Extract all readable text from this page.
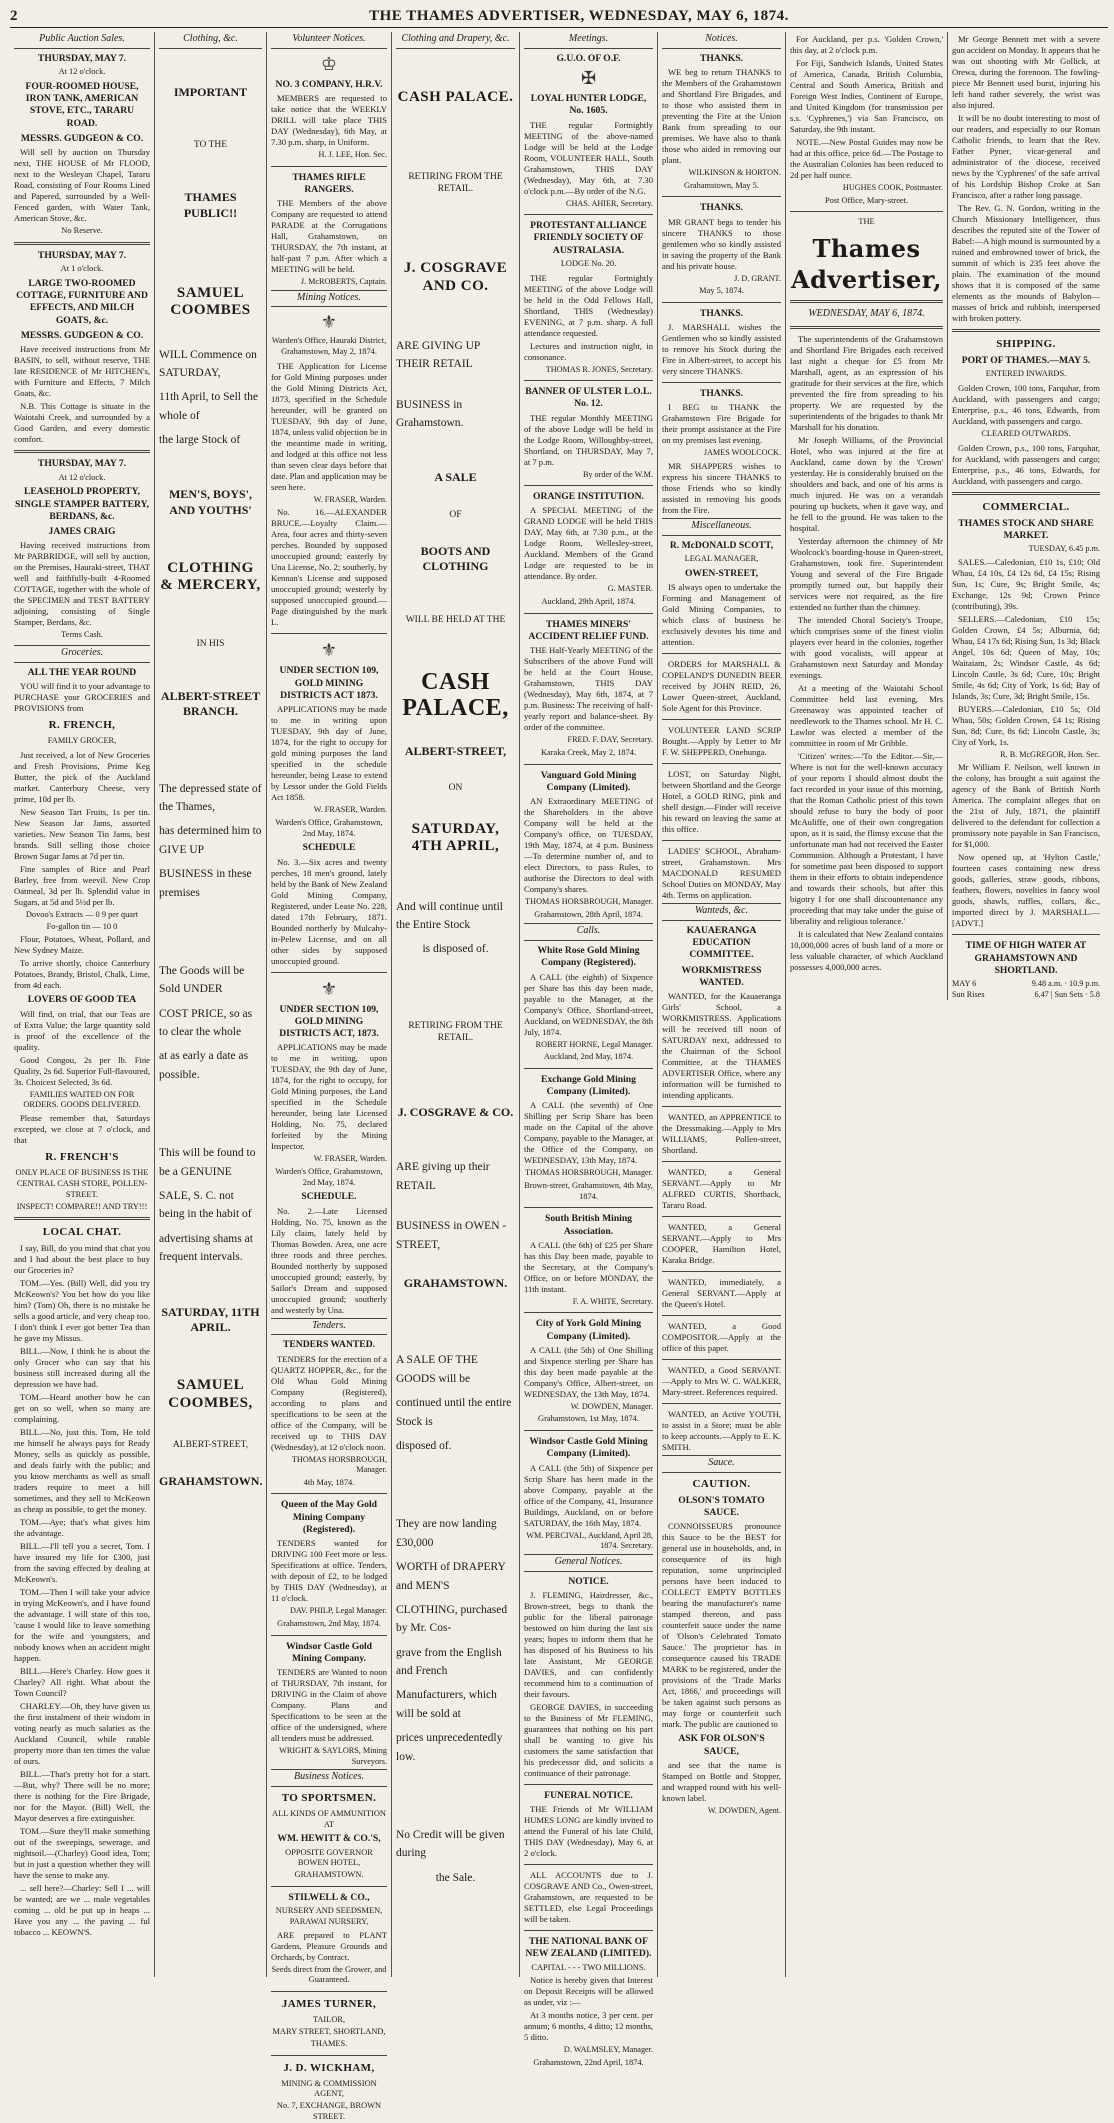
2	THE THAMES ADVERTISER, WEDNESDAY, MAY 6, 1874.
Public Auction Sales.
THURSDAY, MAY 7.
At 12 o'clock.
FOUR-ROOMED HOUSE, IRON TANK, AMERICAN STOVE, ETC., TARARU ROAD.
MESSRS. GUDGEON & CO.
Will sell by auction on Thursday next, THE HOUSE of Mr FLOOD, next to the Wesleyan Chapel, Tararu Road, consisting of Four Rooms Lined and Papered, surrounded by a Well-Fenced garden, with Water Tank, American Stove, &c.
No Reserve.
THURSDAY, MAY 7.
At 1 o'clock.
LARGE TWO-ROOMED COTTAGE, FURNITURE AND EFFECTS, AND MILCH GOATS, &c.
MESSRS. GUDGEON & CO.
Have received instructions from Mr BASIN, to sell, without reserve, THE late RESIDENCE of Mr HITCHEN's, with Furniture and Effects, 7 Milch Goats, &c.
N.B. This Cottage is situate in the Waiotahi Creek, and surrounded by a Good Garden, and every domestic comfort.
THURSDAY, MAY 7.
At 12 o'clock.
LEASEHOLD PROPERTY, SINGLE STAMPER BATTERY, BERDANS, &c.
JAMES CRAIG
Having received instructions from Mr PARBRIDGE, will sell by auction, on the Premises, Hauraki-street, THAT well and faithfully-built 4-Roomed COTTAGE, together with the whole of the SPECIMEN and TEST BATTERY adjoining, consisting of Single Stamper, Berdans, &c.
Terms Cash.
Groceries.
ALL THE YEAR ROUND
YOU will find it to your advantage to PURCHASE your GROCERIES and PROVISIONS from
R. FRENCH,
FAMILY GROCER,
Just received, a lot of New Groceries and Fresh Provisions, Prime Keg Butter, the pick of the Auckland market. Canterbury Cheese, very prime, 10d per lb.
New Season Tart Fruits, 1s per tin. New Season Jar Jams, assorted varieties. New Season Tin Jams, best brands. Still selling those choice Brown Sugar Jams at 7d per tin.
Fine samples of Rice and Pearl Barley, free from weevil. New Crop Oatmeal, 3d per lb. Splendid value in Sugars, at 5d and 5½d per lb.
Dovoo's Extracts — 0 9 per quart
Fo-gallon tin — 10 0
Flour, Potatoes, Wheat, Pollard, and New Sydney Maize.
To arrive shortly, choice Canterbury Potatoes, Brandy, Bristol, Chalk, Lime, from 4d each.
LOVERS OF GOOD TEA
Will find, on trial, that our Teas are of Extra Value; the large quantity sold is proof of the excellence of the quality.
Good Congou, 2s per lb. Fine Quality, 2s 6d. Superior Full-flavoured, 3s. Choicest Selected, 3s 6d.
FAMILIES WAITED ON FOR ORDERS. GOODS DELIVERED.
Please remember that, Saturdays excepted, we close at 7 o'clock, and that
R. FRENCH'S
ONLY PLACE OF BUSINESS IS THE CENTRAL CASH STORE, POLLEN-STREET.
INSPECT! COMPARE!! AND TRY!!!
LOCAL CHAT.
I say, Bill, do you mind that chat you and I had about the best place to buy our Groceries in?
TOM.—Yes. (Bill) Well, did you try McKeown's? You bet how do you like him? (Tom) Oh, there is no mistake he sells a good article, and very cheap too. I don't think I ever got better Tea than he gave my Missus.
BILL.—Now, I think he is about the only Grocer who can say that his business still increased during all the depression we have had.
TOM.—Heard another how he can get on so well, when so many are complaining.
BILL.—No, just this. Tom, He told me himself he always pays for Ready Money, sells as quickly as possible, and deals fairly with the public; and you know merchants as well as small traders require to meet a bill sometimes, and they sell to McKeown as cheap as possible, to get the money.
TOM.—Aye; that's what gives him the advantage.
BILL.—I'll tell you a secret, Tom. I have insured my life for £300, just from the saving effected by dealing at McKeown's.
TOM.—Then I will take your advice in trying McKeown's, and I have found the advantage. I will state of this too, 'cause I would like to leave something for the wife and youngsters, and nobody knows when an accident might happen.
BILL.—Here's Charley. How goes it Charley? All right. What about the Town Council?
CHARLEY.—Oh, they have given us the first instalment of their wisdom in voting nearly as much salaries as the Auckland Council, while ratable property more than ten times the value of ours.
BILL.—That's pretty hot for a start.—But, why? There will be no more; there is nothing for the Fire Brigade, nor for the Mayor. (Bill) Well, the Mayor deserves a fire extinguisher.
TOM.—Sure they'll make something out of the sweepings, sewerage, and nightsoil.—(Charley) Good idea, Tom; but in just a question whether they will have the sense to make any.
... sell here?—Charley: Sell I ... will be wanted; are we ... male vegetables coming ... old be put up in heaps ... Have you any ... the paving ... ful tobacco ... KEOWN'S.
Clothing, &c.
IMPORTANT
TO THE
THAMES PUBLIC!!
SAMUEL COOMBES
WILL Commence on SATURDAY,
11th April, to Sell the whole of
the large Stock of
MEN'S, BOYS', AND YOUTHS'
CLOTHING & MERCERY,
IN HIS
ALBERT-STREET BRANCH.
The depressed state of the Thames,
has determined him to GIVE UP
BUSINESS in these premises
The Goods will be Sold UNDER
COST PRICE, so as to clear the whole
at as early a date as possible.
This will be found to be a GENUINE
SALE, S. C. not being in the habit of
advertising shams at frequent intervals.
SATURDAY, 11TH APRIL.
SAMUEL COOMBES,
ALBERT-STREET,
GRAHAMSTOWN.
Volunteer Notices.
♔
NO. 3 COMPANY, H.R.V.
MEMBERS are requested to take notice that the WEEKLY DRILL will take place THIS DAY (Wednesday), 6th May, at 7.30 p.m. sharp, in Uniform.
H. J. LEE, Hon. Sec.
THAMES RIFLE RANGERS.
THE Members of the above Company are requested to attend PARADE at the Corrugations Hall, Grahamstown, on THURSDAY, the 7th instant, at half-past 7 p.m. After which a MEETING will be held.
J. McROBERTS, Captain.
Mining Notices.
⚜
Warden's Office, Hauraki District, Grahamstown, May 2, 1874.
THE Application for License for Gold Mining purposes under the Gold Mining Districts Act, 1873, specified in the Schedule hereunder, will be granted on TUESDAY, 9th day of June, 1874, unless valid objection be in the meantime made in writing, and lodged at this office not less than seven clear days before that date. Plan and application may be seen here.
W. FRASER, Warden.
No. 16.—ALEXANDER BRUCE.—Loyalty Claim.—Area, four acres and thirty-seven perches. Bounded by supposed unoccupied ground; easterly by Una License, No. 2; southerly, by Kennan's License and supposed unoccupied ground; westerly by supposed unoccupied ground.—Page distinguished by the mark L.
⚜
UNDER SECTION 109, GOLD MINING DISTRICTS ACT 1873.
APPLICATIONS may be made to me in writing upon TUESDAY, 9th day of June, 1874, for the right to occupy for gold mining purposes the land specified in the schedule hereunder, being Lease to extend by Lessor under the Gold Fields Act 1858.
W. FRASER, Warden.
Warden's Office, Grahamstown, 2nd May, 1874.
SCHEDULE
No. 3.—Six acres and twenty perches, 18 men's ground, lately held by the Bank of New Zealand Gold Mining Company, Registered, under Lease No. 228, dated 17th February, 1871. Bounded northerly by Mulcahy-in-Pelew License, and on all other sides by supposed unoccupied ground.
⚜
UNDER SECTION 109, GOLD MINING DISTRICTS ACT, 1873.
APPLICATIONS may be made to me in writing, upon TUESDAY, the 9th day of June, 1874, for the right to occupy, for Gold Mining purposes, the Land specified in the Schedule hereunder, being late Licensed Holding, No. 75, declared forfeited by the Mining Inspector.
W. FRASER, Warden.
Warden's Office, Grahamstown, 2nd May, 1874.
SCHEDULE.
No. 2.—Late Licensed Holding, No. 75, known as the Lily claim, lately held by Thomas Bowden. Area, one acre three roods and three perches. Bounded northerly by supposed unoccupied ground; easterly, by Sailor's Dream and supposed unoccupied ground; southerly and westerly by Una.
Tenders.
TENDERS WANTED.
TENDERS for the erection of a QUARTZ HOPPER, &c., for the Old Whau Gold Mining Company (Registered), according to plans and specifications to be seen at the office of the Company, will be received up to THIS DAY (Wednesday), at 12 o'clock noon.
THOMAS HORSBROUGH, Manager.
4th May, 1874.
Queen of the May Gold Mining Company (Registered).
TENDERS wanted for DRIVING 100 Feet more or less. Specifications at office. Tenders, with deposit of £2, to be lodged by THIS DAY (Wednesday), at 11 o'clock.
DAV. PHILP, Legal Manager.
Grahamstown, 2nd May, 1874.
Windsor Castle Gold Mining Company.
TENDERS are Wanted to noon of THURSDAY, 7th instant, for DRIVING in the Claim of above Company. Plans and Specifications to be seen at the office of the undersigned, where all tenders must be addressed.
WRIGHT & SAYLORS, Mining Surveyors.
Business Notices.
TO SPORTSMEN.
ALL KINDS OF AMMUNITION AT
WM. HEWITT & CO.'S,
OPPOSITE GOVERNOR BOWEN HOTEL,
GRAHAMSTOWN.
STILWELL & CO.,
NURSERY AND SEEDSMEN, PARAWAI NURSERY,
ARE prepared to PLANT Gardens, Pleasure Grounds and Orchards, by Contract.
Seeds direct from the Grower, and Guaranteed.
JAMES TURNER,
TAILOR,
MARY STREET, SHORTLAND,
THAMES.
J. D. WICKHAM,
MINING & COMMISSION AGENT,
No. 7, EXCHANGE, BROWN STREET.
Clothing and Drapery, &c.
CASH PALACE.
RETIRING FROM THE RETAIL.
J. COSGRAVE AND CO.
ARE GIVING UP THEIR RETAIL
BUSINESS in Grahamstown.
A SALE
OF
BOOTS AND CLOTHING
WILL BE HELD AT THE
CASH PALACE,
ALBERT-STREET,
ON
SATURDAY, 4TH APRIL,
And will continue until the Entire Stock
is disposed of.
RETIRING FROM THE RETAIL.
J. COSGRAVE & CO.
ARE giving up their RETAIL
BUSINESS in OWEN - STREET,
GRAHAMSTOWN.
A SALE OF THE GOODS will be
continued until the entire Stock is
disposed of.
They are now landing £30,000
WORTH of DRAPERY and MEN'S
CLOTHING, purchased by Mr. Cos-
grave from the English and French
Manufacturers, which will be sold at
prices unprecedentedly low.
No Credit will be given during
the Sale.
Meetings.
G.U.O. OF O.F.
✠
LOYAL HUNTER LODGE, No. 1605.
THE regular Fortnightly MEETING of the above-named Lodge will be held at the Lodge Room, VOLUNTEER HALL, South Grahamstown, THIS DAY (Wednesday), May 6th, at 7.30 o'clock p.m.—By order of the N.G.
CHAS. AHIER, Secretary.
PROTESTANT ALLIANCE FRIENDLY SOCIETY OF AUSTRALASIA.
LODGE No. 20.
THE regular Fortnightly MEETING of the above Lodge will be held in the Odd Fellows Hall, Shortland, THIS (Wednesday) EVENING, at 7 p.m. sharp. A full attendance requested.
Lectures and instruction night, in consonance.
THOMAS R. JONES, Secretary.
BANNER OF ULSTER L.O.L. No. 12.
THE regular Monthly MEETING of the above Lodge will be held in the Lodge Room, Willoughby-street, Shortland, on THURSDAY, May 7, at 7 p.m.
By order of the W.M.
ORANGE INSTITUTION.
A SPECIAL MEETING of the GRAND LODGE will be held THIS DAY, May 6th, at 7.30 p.m., at the Lodge Room, Wellesley-street, Auckland. Members of the Grand Lodge are requested to be in attendance. By order.
G. MASTER.
Auckland, 29th April, 1874.
THAMES MINERS' ACCIDENT RELIEF FUND.
THE Half-Yearly MEETING of the Subscribers of the above Fund will be held at the Court House, Grahamstown, THIS DAY (Wednesday), May 6th, 1874, at 7 p.m. Business: The receiving of half-yearly report and balance-sheet. By order of the committee.
FRED. F. DAY, Secretary.
Karaka Creek, May 2, 1874.
Vanguard Gold Mining Company (Limited).
AN Extraordinary MEETING of the Shareholders in the above Company will be held at the Company's office, on TUESDAY, 19th May, 1874, at 4 p.m. Business—To determine number of, and to elect Directors, to pass Rules, to authorise the Directors to deal with Company's shares.
THOMAS HORSBROUGH, Manager.
Grahamstown, 28th April, 1874.
Calls.
White Rose Gold Mining Company (Registered).
A CALL (the eighth) of Sixpence per Share has this day been made, payable to the Manager, at the Company's Office, Shortland-street, Auckland, on WEDNESDAY, the 8th July, 1874.
ROBERT HORNE, Legal Manager.
Auckland, 2nd May, 1874.
Exchange Gold Mining Company (Limited).
A CALL (the seventh) of One Shilling per Scrip Share has been made on the Capital of the above Company, payable to the Manager, at the Office of the Company, on WEDNESDAY, 13th May, 1874.
THOMAS HORSBROUGH, Manager.
Brown-street, Grahamstown, 4th May, 1874.
South British Mining Association.
A CALL (the 6th) of £25 per Share has this Day been made, payable to the Secretary, at the Company's Office, on or before MONDAY, the 11th instant.
F. A. WHITE, Secretary.
City of York Gold Mining Company (Limited).
A CALL (the 5th) of One Shilling and Sixpence sterling per Share has this day been made payable at the Company's Office, Albert-street, on WEDNESDAY, the 13th May, 1874.
W. DOWDEN, Manager.
Grahamstown, 1st May, 1874.
Windsor Castle Gold Mining Company (Limited).
A CALL (the 5th) of Sixpence per Scrip Share has been made in the above Company, payable at the office of the Company, 41, Insurance Buildings, Auckland, on or before SATURDAY, the 16th May, 1874.
WM. PERCIVAL, Auckland, April 28, 1874. Secretary.
General Notices.
NOTICE.
J. FLEMING, Hairdresser, &c., Brown-street, begs to thank the public for the liberal patronage bestowed on him during the last six years; hopes to inform them that he has disposed of his Business to his late Assistant, Mr GEORGE DAVIES, and can confidently recommend him to a continuation of their favours.
GEORGE DAVIES, in succeeding to the Business of Mr FLEMING, guarantees that nothing on his part shall be wanting to give his customers the same satisfaction that his predecessor did, and solicits a continuance of their patronage.
FUNERAL NOTICE.
THE Friends of Mr WILLIAM HUMES LONG are kindly invited to attend the Funeral of his late Child, THIS DAY (Wednesday), May 6, at 2 o'clock.
ALL ACCOUNTS due to J. COSGRAVE AND Co., Owen-street, Grahamstown, are requested to be SETTLED, else Legal Proceedings will be taken.
THE NATIONAL BANK OF NEW ZEALAND (LIMITED).
CAPITAL - - - TWO MILLIONS.
Notice is hereby given that Interest on Deposit Receipts will be allowed as under, viz :—
At 3 months notice, 3 per cent. per annum; 6 months, 4 ditto; 12 months, 5 ditto.
D. WALMSLEY, Manager.
Grahamstown, 22nd April, 1874.
Notices.
THANKS.
WE beg to return THANKS to the Members of the Grahamstown and Shortland Fire Brigades, and to those who assisted them in preventing the Fire at the Union Bank from spreading to our premises. We have also to thank those who aided in removing our plant.
WILKINSON & HORTON.
Grahamstown, May 5.
THANKS.
MR GRANT begs to tender his sincere THANKS to those gentlemen who so kindly assisted in saving the property of the Bank and his private house.
J. D. GRANT.
May 5, 1874.
THANKS.
J. MARSHALL wishes the Gentlemen who so kindly assisted to remove his Stock during the Fire in Albert-street, to accept his very sincere THANKS.
THANKS.
I BEG to THANK the Grahamstown Fire Brigade for their prompt assistance at the Fire on my premises last evening.
JAMES WOOLCOCK.
MR SHAPPERS wishes to express his sincere THANKS to those Friends who so kindly assisted in removing his goods from the Fire.
Miscellaneous.
R. McDONALD SCOTT,
LEGAL MANAGER,
OWEN-STREET,
IS always open to undertake the Forming and Management of Gold Mining Companies, to which class of business he exclusively devotes his time and attention.
ORDERS for MARSHALL & COPELAND'S DUNEDIN BEER received by JOHN REID, 26, Lower Queen-street, Auckland, Sole Agent for this Province.
VOLUNTEER LAND SCRIP Bought.—Apply by Letter to Mr F. W. SHEPPERD, Onehunga.
LOST, on Saturday Night, between Shortland and the George Hotel, a GOLD RING, pink and shell design.—Finder will receive his reward on leaving the same at this office.
LADIES' SCHOOL, Abraham-street, Grahamstown. Mrs MACDONALD RESUMED School Duties on MONDAY, May 4th. Terms on application.
Wanteds, &c.
KAUAERANGA EDUCATION COMMITTEE.
WORKMISTRESS WANTED.
WANTED, for the Kauaeranga Girls' School, a WORKMISTRESS. Applications will be received till noon of SATURDAY next, addressed to the Chairman of the School Committee, at the THAMES ADVERTISER Office, where any information will be furnished to intending applicants.
WANTED, an APPRENTICE to the Dressmaking.—Apply to Mrs WILLIAMS, Pollen-street, Shortland.
WANTED, a General SERVANT.—Apply to Mr ALFRED CURTIS, Shortback, Tararu Road.
WANTED, a General SERVANT.—Apply to Mrs COOPER, Hamilton Hotel, Karaka Bridge.
WANTED, immediately, a General SERVANT.—Apply at the Queen's Hotel.
WANTED, a Good COMPOSITOR.—Apply at the office of this paper.
WANTED, a Good SERVANT.—Apply to Mrs W. C. WALKER, Mary-street. References required.
WANTED, an Active YOUTH, to assist in a Store; must be able to keep accounts.—Apply to E. K. SMITH.
Sauce.
CAUTION.
OLSON'S TOMATO SAUCE.
CONNOISSEURS pronounce this Sauce to be the BEST for general use in households, and, in consequence of its high reputation, some unprincipled persons have been induced to COLLECT EMPTY BOTTLES bearing the manufacturer's name stamped thereon, and pass counterfeit sauce under the name of 'Olson's Celebrated Tomato Sauce.' The proprietor has in consequence caused his TRADE MARK to be registered, under the provisions of the 'Trade Marks Act, 1866,' and proceedings will be taken against such persons as may forge or counterfeit such mark. The public are cautioned to
ASK FOR OLSON'S SAUCE,
and see that the name is Stamped on Bottle and Stopper, and wrapped round with his well-known label.
W. DOWDEN, Agent.
For Auckland, per p.s. 'Golden Crown,' this day, at 2 o'clock p.m.
For Fiji, Sandwich Islands, United States of America, Canada, British Columbia, Central and South America, British and Foreign West Indies, Continent of Europe, and United Kingdom (for transmission per s.s. 'Cyphrenes,') via San Francisco, on Saturday, the 9th instant.
NOTE.—New Postal Guides may now be had at this office, price 6d.—The Postage to the Australian Colonies has been reduced to 2d per half ounce.
HUGHES COOK, Postmaster.
Post Office, Mary-street.
THE
Thames Advertiser,
WEDNESDAY, MAY 6, 1874.
The superintendents of the Grahamstown and Shortland Fire Brigades each received last night a cheque for £5 from Mr Marshall, agent, as an expression of his gratitude for their services at the fire, which prevented the fire from spreading to his property. We are requested by the superintendents of the brigades to thank Mr Marshall for his donation.
Mr Joseph Williams, of the Provincial Hotel, who was injured at the fire at Auckland, came down by the 'Crown' yesterday. He is considerably bruised on the shoulders and back, and one of his arms is much injured. He was on a verandah pouring up buckets, when it gave way, and he fell to the ground. He was taken to the hospital.
Yesterday afternoon the chimney of Mr Woolcock's boarding-house in Queen-street, Grahamstown, took fire. Superintendent Young and several of the Fire Brigade promptly turned out, but happily their services were not required, as the fire extended no further than the chimney.
The intended Choral Society's Troupe, which comprises some of the finest violin players ever heard in the colonies, together with good vocalists, will appear at Grahamstown next Saturday and Monday evenings.
At a meeting of the Waiotahi School Committee held last evening, Mrs Greenaway was appointed teacher of needlework to the Thames school. Mr H. C. Lawlor was elected a member of the committee in room of Mr Gribble.
'Citizen' writes:—'To the Editor.—Sir,—Where is not for the well-known accuracy of your reports I should almost doubt the fact recorded in your issue of this morning, that the Roman Catholic priest of this town should refuse to bury the body of poor McAuliffe, one of their own congregation upon, as it is said, the flimsy excuse that the unfortunate man had not received the Easter Communion. Although a Protestant, I have for sometime past been disposed to support them in their efforts to obtain independence and towards their schools, but after this bigotry I for one shall discountenance any proceeding that may take under the guise of liberality and religious tolerance.'
It is calculated that New Zealand contains 10,000,000 acres of bush land of a more or less valuable character, of which Auckland possesses 4,000,000 acres.
Mr George Bennett met with a severe gun accident on Monday. It appears that he was out shooting with Mr Gollick, at Orewa, during the forenoon. The fowling-piece Mr Bennett used burst, injuring his left hand rather severely, the wrist was also injured.
It will be no doubt interesting to most of our readers, and especially to our Roman Catholic friends, to learn that the Rev. Father Pyner, vicar-general and administrator of the diocese, received news by the 'Cyphrenes' of the safe arrival of his Lordship Bishop Croke at San Francisco, after a rather long passage.
The Rev. G. N. Gordon, writing in the Church Missionary Intelligencer, thus describes the reputed site of the Tower of Babel:—A high mound is surmounted by a ruined and embrowned tower of brick, the summit of which is 235 feet above the plain. The examination of the mound shows that it is composed of the same elements as the mounds of Babylon—masses of brick and rubbish, interspersed with broken pottery.
SHIPPING.
PORT OF THAMES.—MAY 5.
ENTERED INWARDS.
Golden Crown, 100 tons, Farquhar, from Auckland, with passengers and cargo; Enterprise, p.s., 46 tons, Edwards, from Auckland, with passengers and cargo.
CLEARED OUTWARDS.
Golden Crown, p.s., 100 tons, Farquhar, for Auckland, with passengers and cargo; Enterprise, p.s., 46 tons, Edwards, for Auckland, with passengers and cargo.
COMMERCIAL.
THAMES STOCK AND SHARE MARKET.
TUESDAY, 6.45 p.m.
SALES.—Caledonian, £10 1s, £10; Old Whau, £4 10s, £4 12s 6d, £4 15s; Rising Sun, 1s; Cure, 9s; Bright Smile, 4s; Exchange, 12s 9d; Crown Prince (contributing), 39s.
SELLERS.—Caledonian, £10 15s; Golden Crown, £4 5s; Alburnia, 6d; Whau, £4 17s 6d; Rising Sun, 1s 3d; Black Angel, 10s 6d; Queen of May, 10s; Waitaiam, 2s; Windsor Castle, 4s 6d; Lincoln Castle, 3s 6d; Cure, 10s; Bright Smile, 4s 6d; City of York, 1s 6d; Bay of Islands, 3s; Cure, 3d; Bright Smile, 15s.
BUYERS.—Caledonian, £10 5s; Old Whau, 50s; Golden Crown, £4 1s; Rising Sun, 8d; Cure, 8s 6d; Lincoln Castle, 3s; City of York, 1s.
R. B. McGREGOR, Hon. Sec.
Mr William F. Neilson, well known in the colony, has brought a suit against the agency of the Bank of British North America. The complaint alleges that on the 21st of July, 1871, the plaintiff delivered to the defendant for collection a promissory note payable in San Francisco, for $1,000.
Now opened up, at 'Hylton Castle,' fourteen cases containing new dress goods, galleries, straw goods, ribbons, feathers, flowers, novelties in fancy wool goods, shawls, ruffles, collars, &c., imported direct by J. MARSHALL.—[ADVT.]
TIME OF HIGH WATER AT GRAHAMSTOWN AND SHORTLAND.
MAY 6	9.48 a.m. · 10.9 p.m.
Sun Rises	6.47 | Sun Sets · 5.8
